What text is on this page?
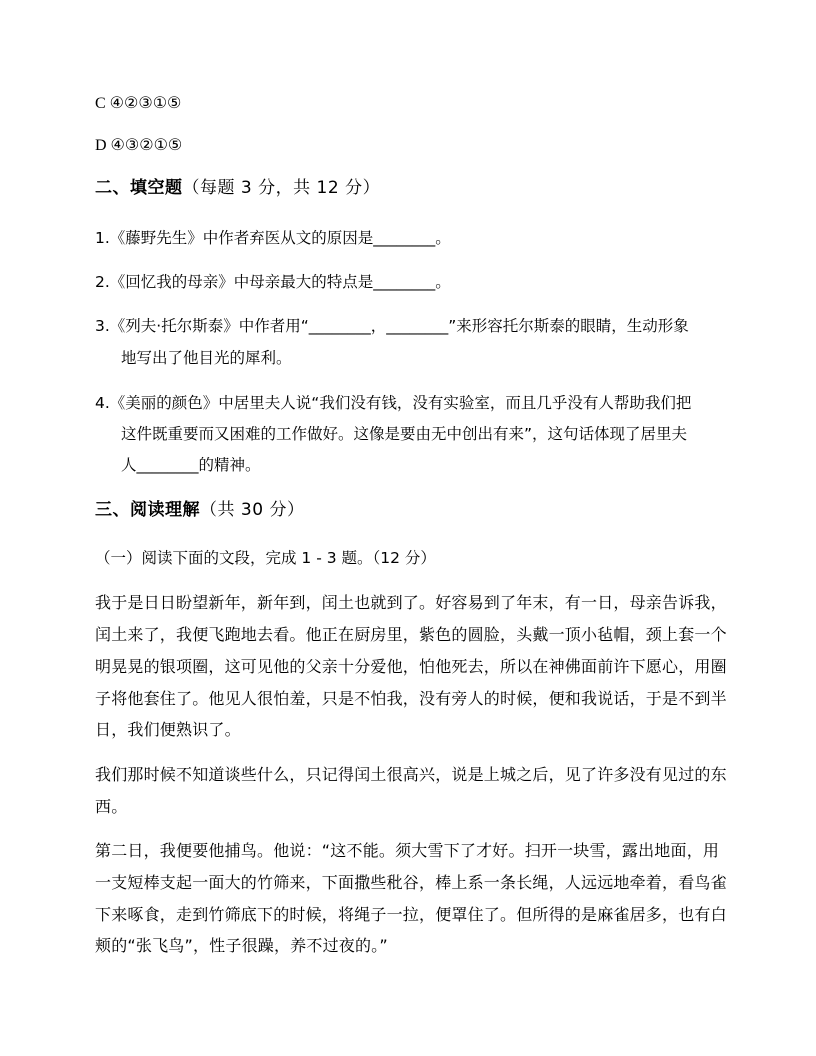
C ④②③①⑤
D ④③②①⑤
二、填空题（每题 3 分，共 12 分）
1.《藤野先生》中作者弃医从文的原因是________。
2.《回忆我的母亲》中母亲最大的特点是________。
3.《列夫·托尔斯泰》中作者用“________，________”来形容托尔斯泰的眼睛，生动形象
地写出了他目光的犀利。
4.《美丽的颜色》中居里夫人说“我们没有钱，没有实验室，而且几乎没有人帮助我们把
这件既重要而又困难的工作做好。这像是要由无中创出有来”，这句话体现了居里夫
人________的精神。
三、阅读理解（共 30 分）
（一）阅读下面的文段，完成 1 - 3 题。（12 分）
我于是日日盼望新年，新年到，闰土也就到了。好容易到了年末，有一日，母亲告诉我，
闰土来了，我便飞跑地去看。他正在厨房里，紫色的圆脸，头戴一顶小毡帽，颈上套一个
明晃晃的银项圈，这可见他的父亲十分爱他，怕他死去，所以在神佛面前许下愿心，用圈
子将他套住了。他见人很怕羞，只是不怕我，没有旁人的时候，便和我说话，于是不到半
日，我们便熟识了。
我们那时候不知道谈些什么，只记得闰土很高兴，说是上城之后，见了许多没有见过的东
西。
第二日，我便要他捕鸟。他说：“这不能。须大雪下了才好。扫开一块雪，露出地面，用
一支短棒支起一面大的竹筛来，下面撒些秕谷，棒上系一条长绳，人远远地牵着，看鸟雀
下来啄食，走到竹筛底下的时候，将绳子一拉，便罩住了。但所得的是麻雀居多，也有白
颊的“张飞鸟”，性子很躁，养不过夜的。”
